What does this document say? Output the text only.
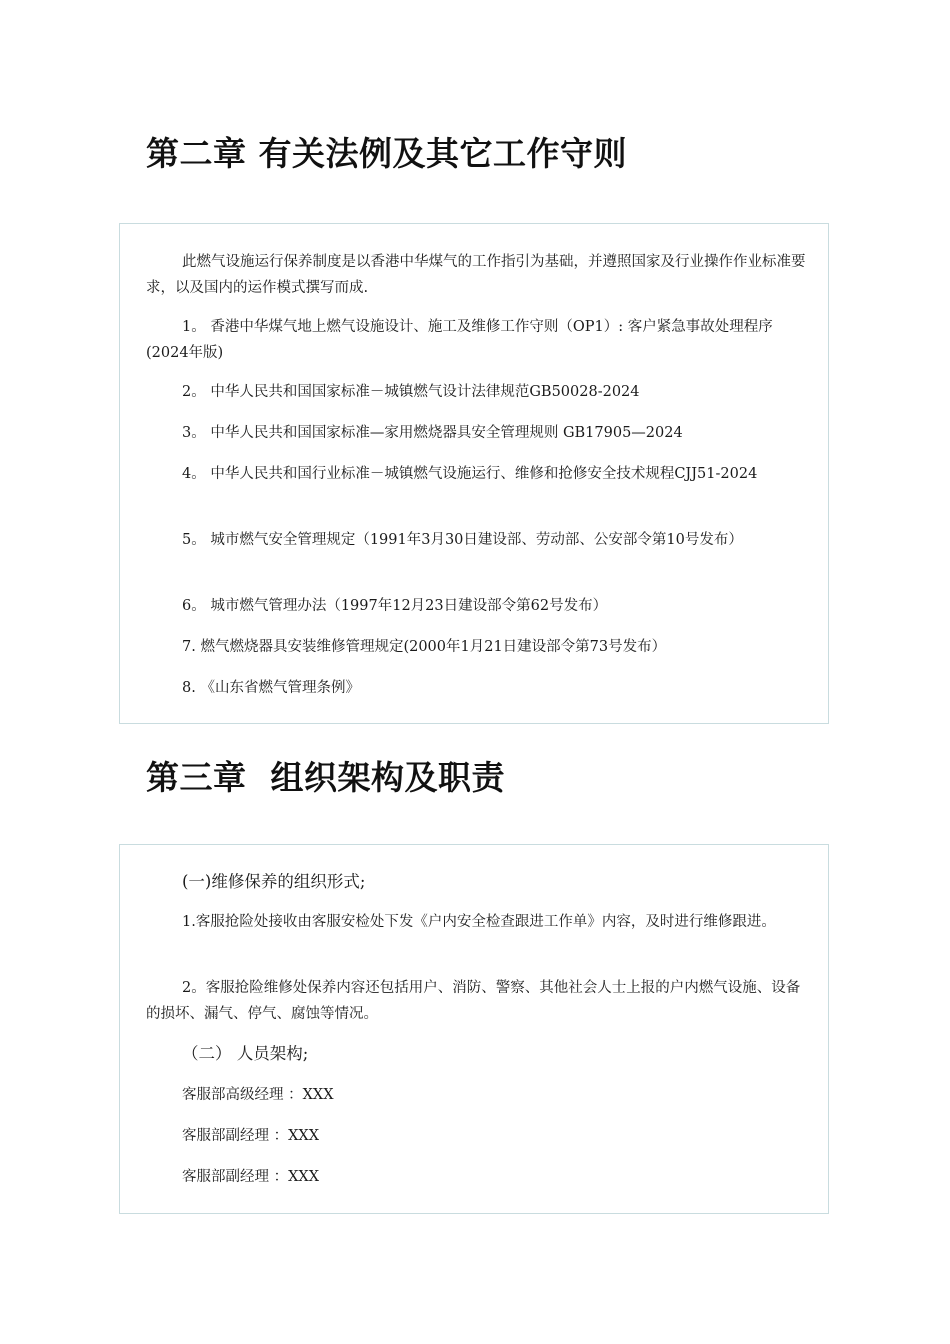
第二章 有关法例及其它工作守则

此燃气设施运行保养制度是以香港中华煤气的工作指引为基础，并遵照国家及行业操作作业标准要求，以及国内的运作模式撰写而成.

1。 香港中华煤气地上燃气设施设计、施工及维修工作守则（OP1）: 客户紧急事故处理程序(2024年版)

2。 中华人民共和国国家标准－城镇燃气设计法律规范GB50028-2024

3。 中华人民共和国国家标准—家用燃烧器具安全管理规则 GB17905—2024

4。 中华人民共和国行业标准－城镇燃气设施运行、维修和抢修安全技术规程CJJ51-2024

5。 城市燃气安全管理规定（1991年3月30日建设部、劳动部、公安部令第10号发布）

6。 城市燃气管理办法（1997年12月23日建设部令第62号发布）

7. 燃气燃烧器具安装维修管理规定(2000年1月21日建设部令第73号发布）

8. 《山东省燃气管理条例》

第三章  组织架构及职责

(一)维修保养的组织形式;

1.客服抢险处接收由客服安检处下发《户内安全检查跟进工作单》内容，及时进行维修跟进。

2。客服抢险维修处保养内容还包括用户、消防、警察、其他社会人士上报的户内燃气设施、设备的损坏、漏气、停气、腐蚀等情况。

（二） 人员架构;

客服部高级经理 ：XXX

客服部副经理 ：XXX

客服部副经理 ：XXX
